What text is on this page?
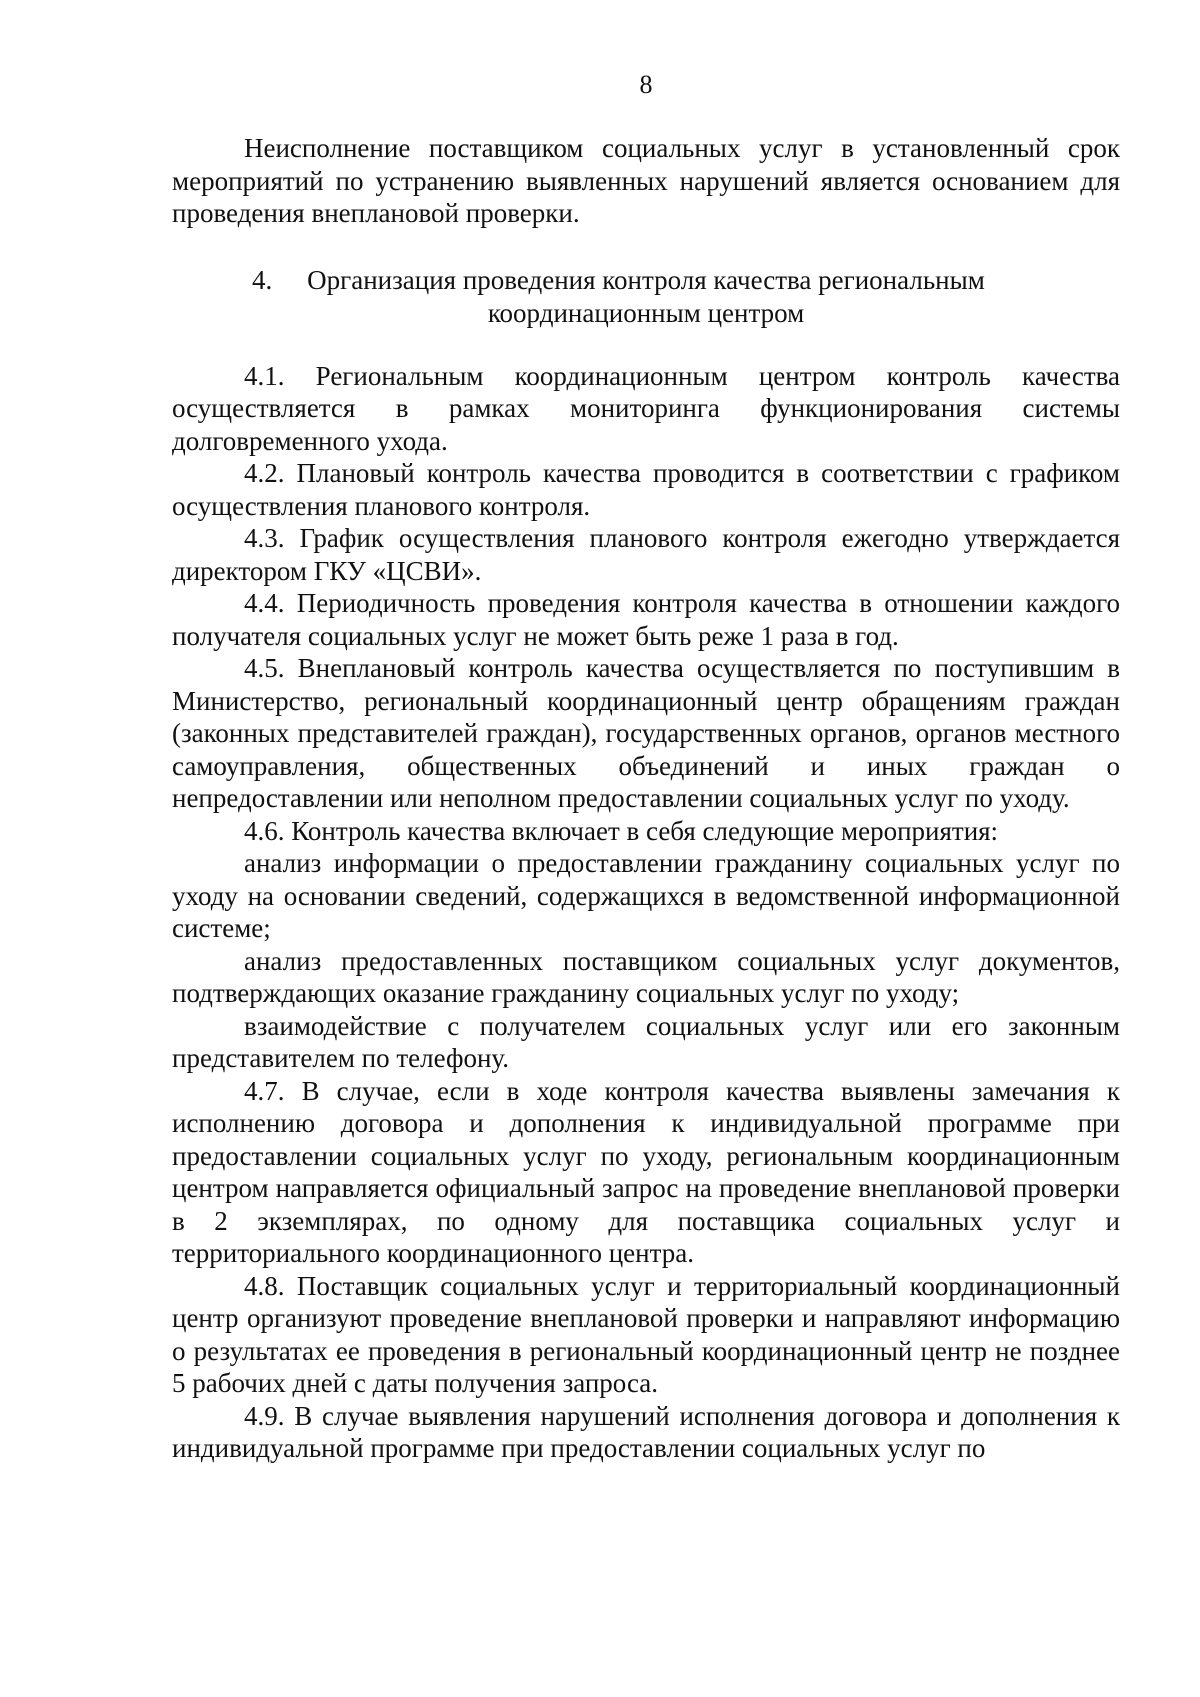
8

Неисполнение поставщиком социальных услуг в установленный срок мероприятий по устранению выявленных нарушений является основанием для проведения внеплановой проверки.

4. Организация проведения контроля качества региональным
координационным центром

4.1. Региональным координационным центром контроль качества осуществляется в рамках мониторинга функционирования системы долговременного ухода.

4.2. Плановый контроль качества проводится в соответствии с графиком осуществления планового контроля.

4.3. График осуществления планового контроля ежегодно утверждается директором ГКУ «ЦСВИ».

4.4. Периодичность проведения контроля качества в отношении каждого получателя социальных услуг не может быть реже 1 раза в год.

4.5. Внеплановый контроль качества осуществляется по поступившим в Министерство, региональный координационный центр обращениям граждан (законных представителей граждан), государственных органов, органов местного самоуправления, общественных объединений и иных граждан о непредоставлении или неполном предоставлении социальных услуг по уходу.

4.6. Контроль качества включает в себя следующие мероприятия:

анализ информации о предоставлении гражданину социальных услуг по уходу на основании сведений, содержащихся в ведомственной информационной системе;

анализ предоставленных поставщиком социальных услуг документов, подтверждающих оказание гражданину социальных услуг по уходу;

взаимодействие с получателем социальных услуг или его законным представителем по телефону.

4.7. В случае, если в ходе контроля качества выявлены замечания к исполнению договора и дополнения к индивидуальной программе при предоставлении социальных услуг по уходу, региональным координационным центром направляется официальный запрос на проведение внеплановой проверки в 2 экземплярах, по одному для поставщика социальных услуг и территориального координационного центра.

4.8. Поставщик социальных услуг и территориальный координационный центр организуют проведение внеплановой проверки и направляют информацию о результатах ее проведения в региональный координационный центр не позднее 5 рабочих дней с даты получения запроса.

4.9. В случае выявления нарушений исполнения договора и дополнения к индивидуальной программе при предоставлении социальных услуг по
